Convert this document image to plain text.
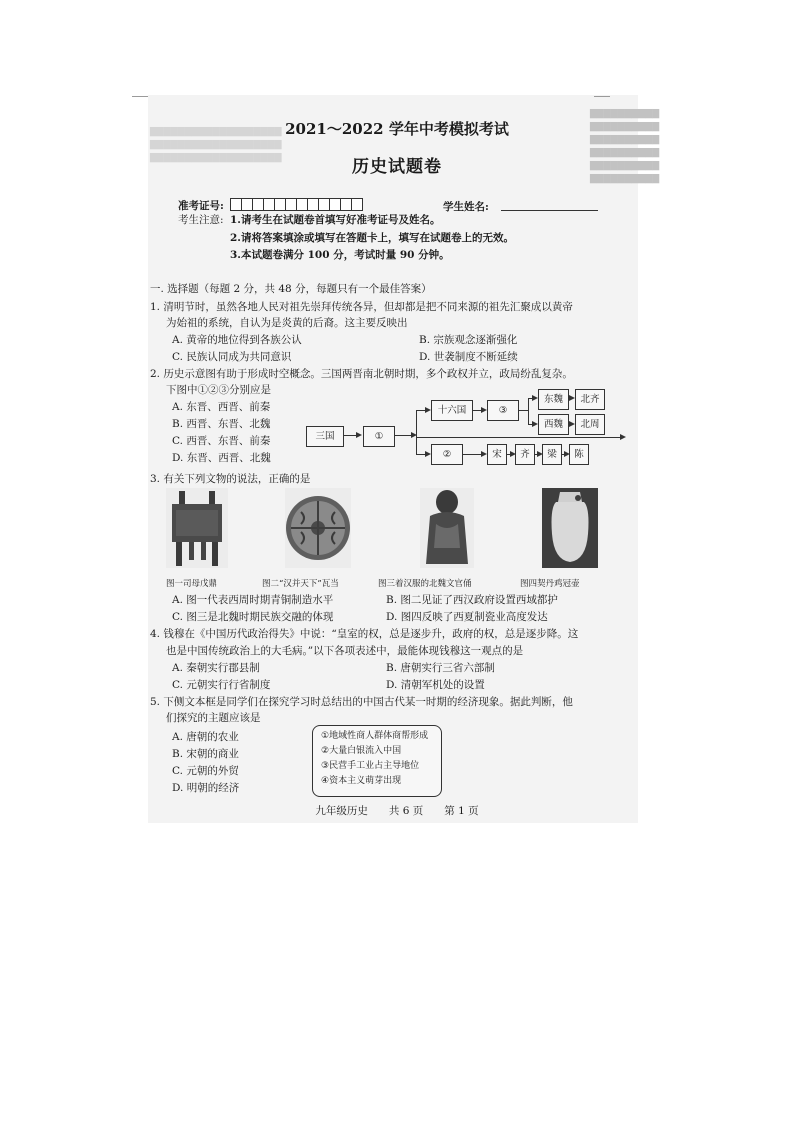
▇▇▇▇▇▇▇▇▇▇
▇▇▇▇▇▇▇▇▇▇
▇▇▇▇▇▇▇▇▇▇
▇▇▇▇▇▇▇▇▇▇
▇▇▇▇▇▇▇▇▇▇
▇▇▇▇▇▇▇▇▇▇
▇▇▇▇▇▇▇▇▇▇▇▇▇▇▇▇▇▇▇
▇▇▇▇▇▇▇▇▇▇▇▇▇▇▇▇▇▇▇
▇▇▇▇▇▇▇▇▇▇▇▇▇▇▇▇▇▇▇
2021～2022 学年中考模拟考试
历史试题卷
准考证号:	学生姓名:
考生注意: 1.请考生在试题卷首填写好准考证号及姓名。
2.请将答案填涂或填写在答题卡上，填写在试题卷上的无效。
3.本试题卷满分 100 分，考试时量 90 分钟。
一. 选择题（每题 2 分，共 48 分，每题只有一个最佳答案）
1. 清明节时，虽然各地人民对祖先崇拜传统各异，但却都是把不同来源的祖先汇聚成以黄帝
为始祖的系统，自认为是炎黄的后裔。这主要反映出
A. 黄帝的地位得到各族公认	B. 宗族观念逐渐强化
C. 民族认同成为共同意识	D. 世袭制度不断延续
2. 历史示意图有助于形成时空概念。三国两晋南北朝时期，多个政权并立，政局纷乱复杂。
下图中①②③分别应是
A. 东晋、西晋、前秦
B. 西晋、东晋、北魏
C. 西晋、东晋、前秦
D. 东晋、西晋、北魏
三国	①
十六国	③
东魏	北齐
西魏	北周
②	宋	齐	梁	陈
3. 有关下列文物的说法，正确的是
图一司母戊鼎	图二“汉并天下”瓦当	图三着汉服的北魏文官俑	图四契丹鸡冠壶
A. 图一代表西周时期青铜制造水平	B. 图二见证了西汉政府设置西域都护
C. 图三是北魏时期民族交融的体现	D. 图四反映了西夏制瓷业高度发达
4. 钱穆在《中国历代政治得失》中说：“皇室的权，总是逐步升，政府的权，总是逐步降。这
也是中国传统政治上的大毛病。”以下各项表述中，最能体现钱穆这一观点的是
A. 秦朝实行郡县制	B. 唐朝实行三省六部制
C. 元朝实行行省制度	D. 清朝军机处的设置
5. 下侧文本框是同学们在探究学习时总结出的中国古代某一时期的经济现象。据此判断，他
们探究的主题应该是
A. 唐朝的农业
B. 宋朝的商业
C. 元朝的外贸
D. 明朝的经济
①地域性商人群体商帮形成
②大量白银流入中国
③民营手工业占主导地位
④资本主义萌芽出现
九年级历史　　共 6 页　　第 1 页
